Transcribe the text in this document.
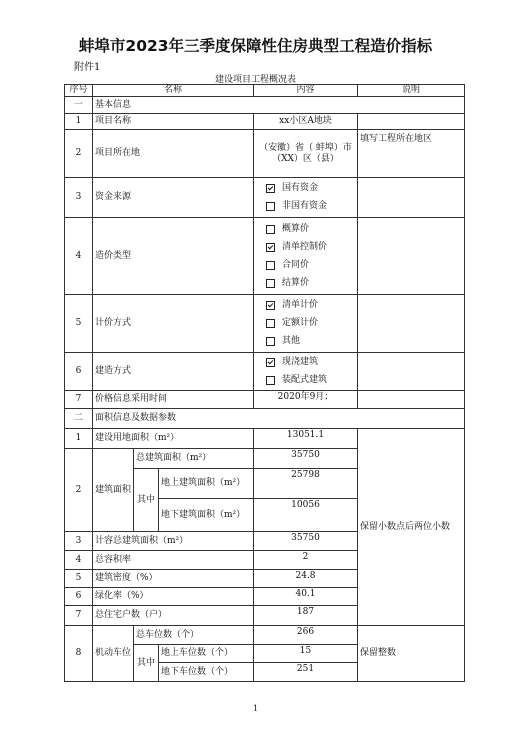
蚌埠市2023年三季度保障性住房典型工程造价指标
附件1
建设项目工程概况表
序号	名称			内容	说明
一	基本信息				
1	项目名称			xx小区A地块	
2	项目所在地			（安徽）省（ 蚌埠）市（XX）区（县）	填写工程所在地区
3	资金来源			国有资金
非国有资金	

4	造价类型			概算价
清单控制价
合同价
结算价	

5	计价方式			清单计价
定额计价
其他	

6	建造方式			现浇建筑
装配式建筑	

7	价格信息采用时间			2020年9月；	
二	面积信息及数据参数				
1	建设用地面积（m²）			13051.1	保留小数点后两位小数
2	建筑面积	总建筑面积（m²）		35750	
		其中	地上建筑面积（m²）	25798	
			地下建筑面积（m²）	10056	
3	计容总建筑面积（m²）			35750	
4	总容积率			2	
5	建筑密度（%）			24.8	
6	绿化率（%）			40.1	
7	总住宅户数（户）			187	
8	机动车位	总车位数（个）		266	保留整数
		其中	地上车位数（个）	15	
			地下车位数（个）	251	
1
